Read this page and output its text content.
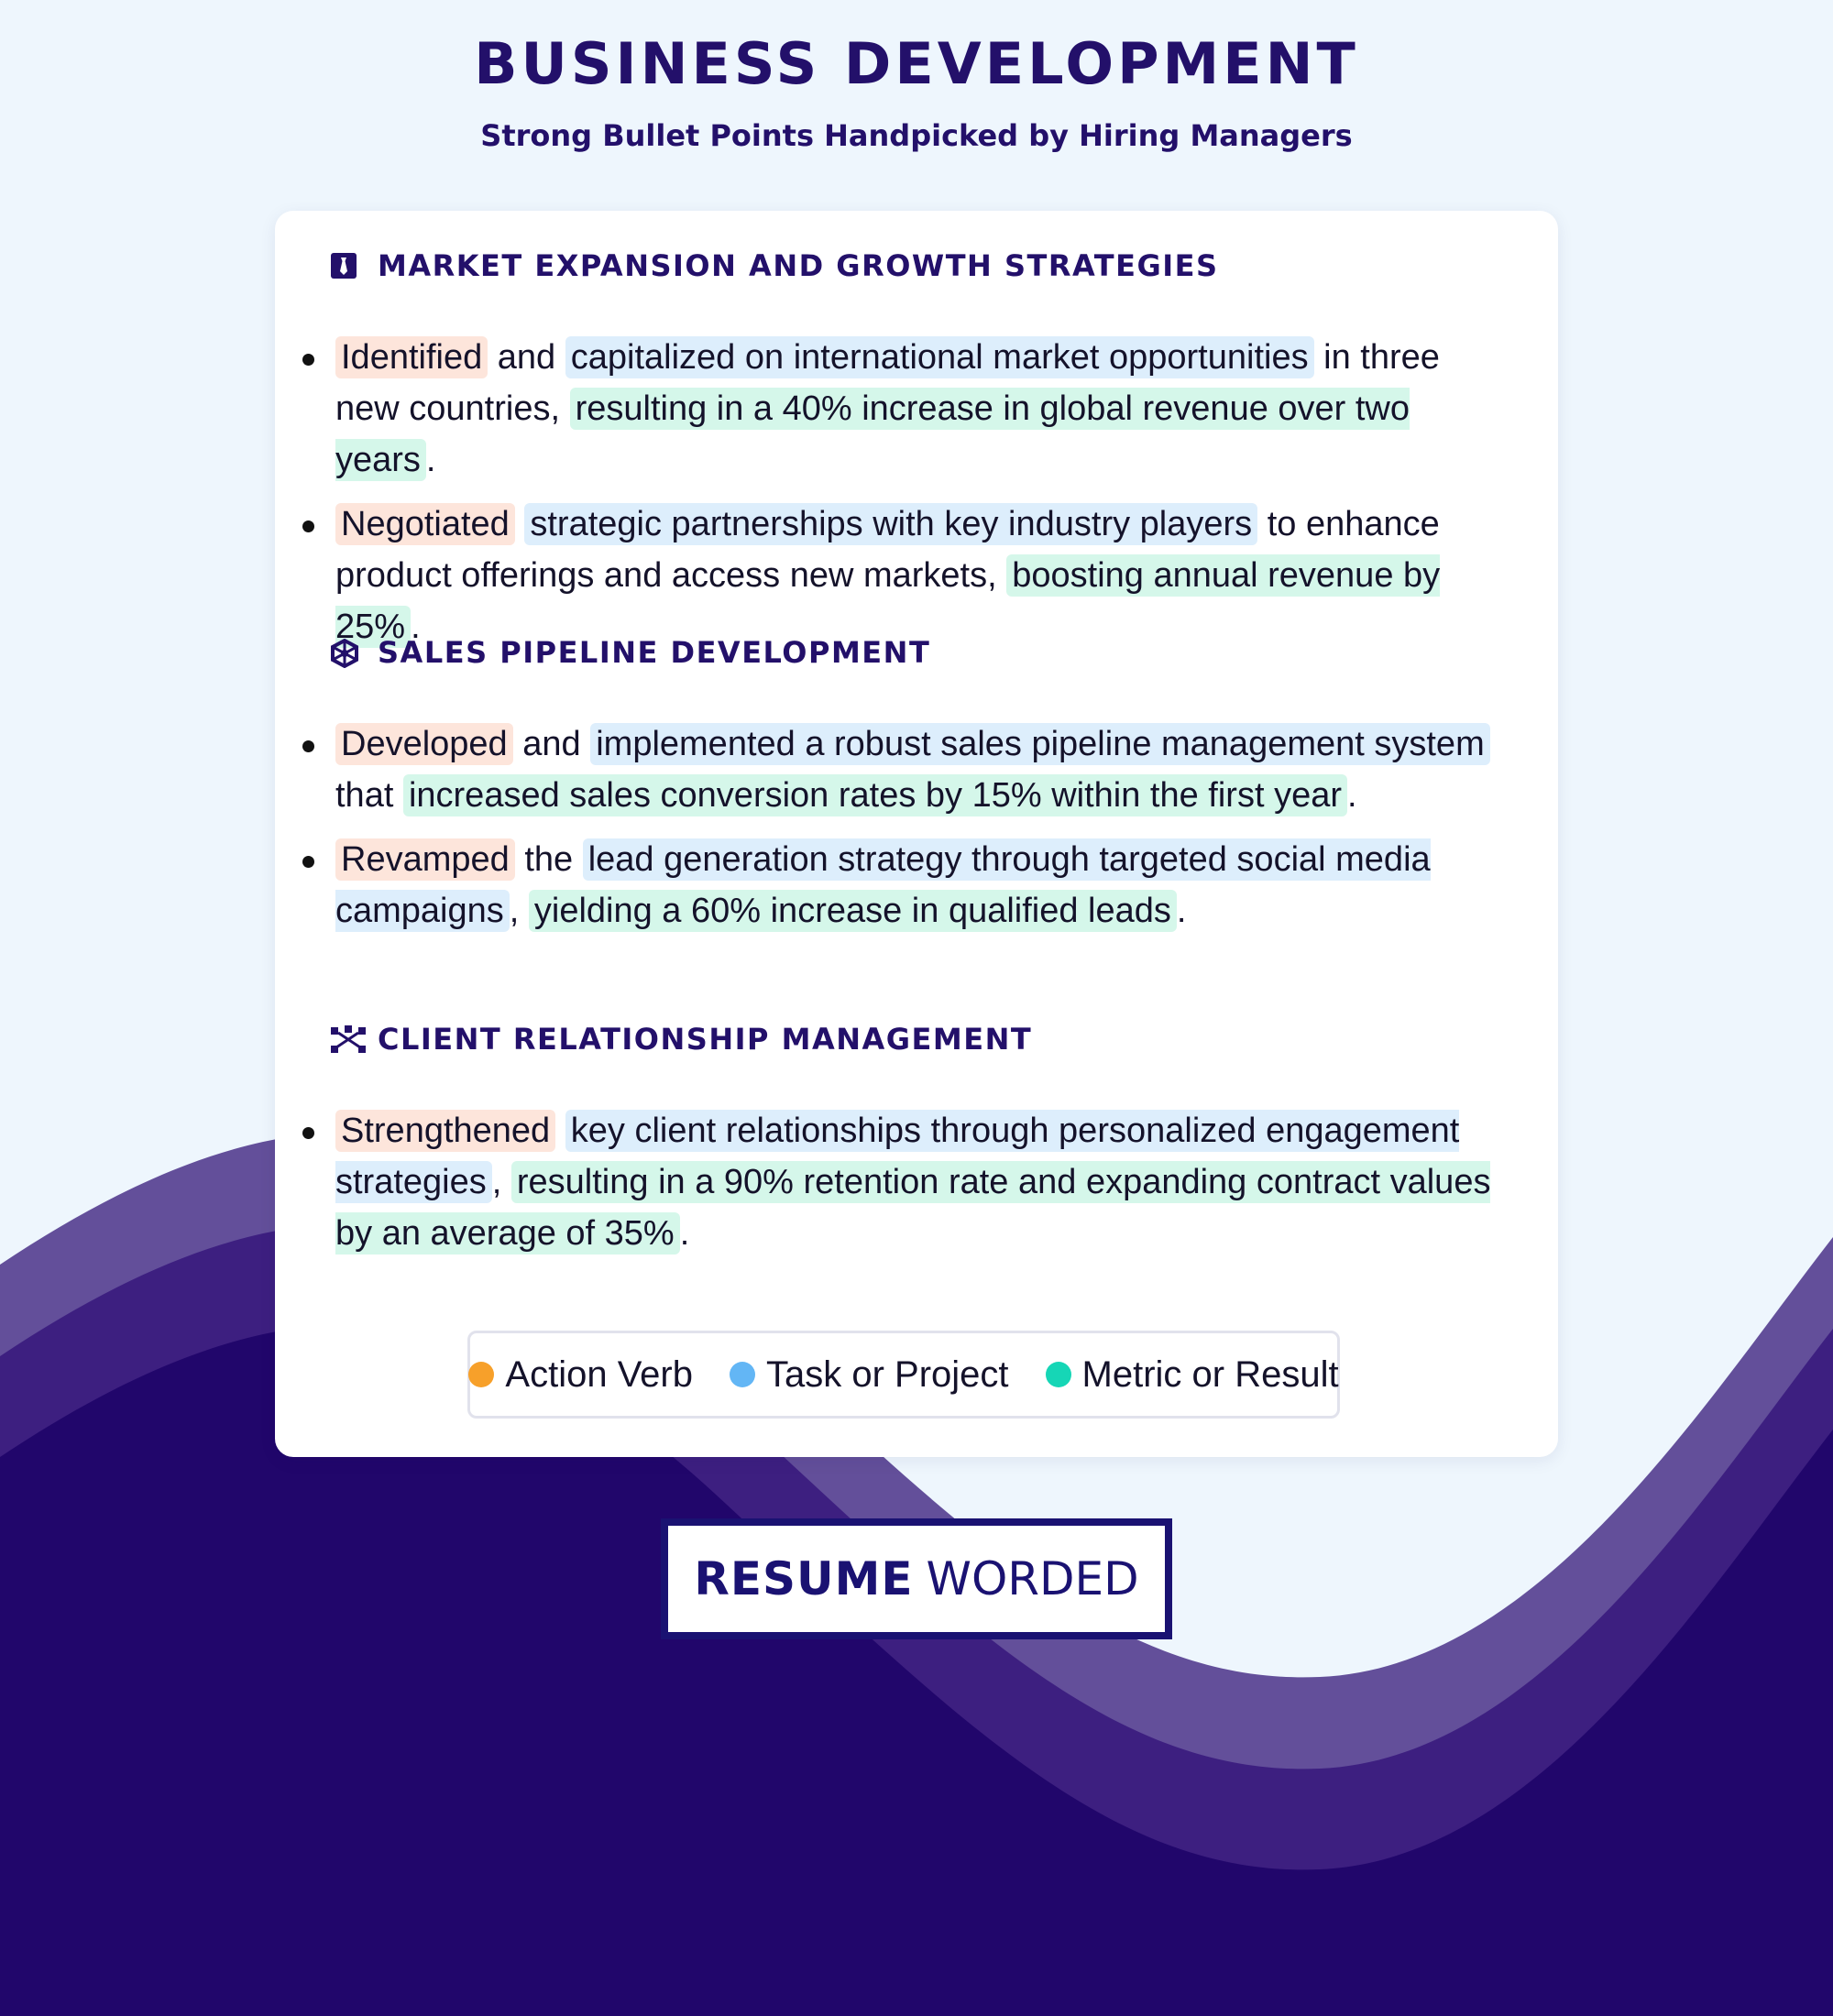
BUSINESS DEVELOPMENT
Strong Bullet Points Handpicked by Hiring Managers
MARKET EXPANSION AND GROWTH STRATEGIES
Identified and capitalized on international market opportunities in three new countries, resulting in a 40% increase in global revenue over two years .
Negotiated strategic partnerships with key industry players to enhance product offerings and access new markets, boosting annual revenue by 25% .
SALES PIPELINE DEVELOPMENT
Developed and implemented a robust sales pipeline management system that increased sales conversion rates by 15% within the first year .
Revamped the lead generation strategy through targeted social media campaigns , yielding a 60% increase in qualified leads .
CLIENT RELATIONSHIP MANAGEMENT
Strengthened key client relationships through personalized engagement strategies , resulting in a 90% retention rate and expanding contract values by an average of 35% .
Action Verb Task or Project Metric or Result
RESUME WORDED
